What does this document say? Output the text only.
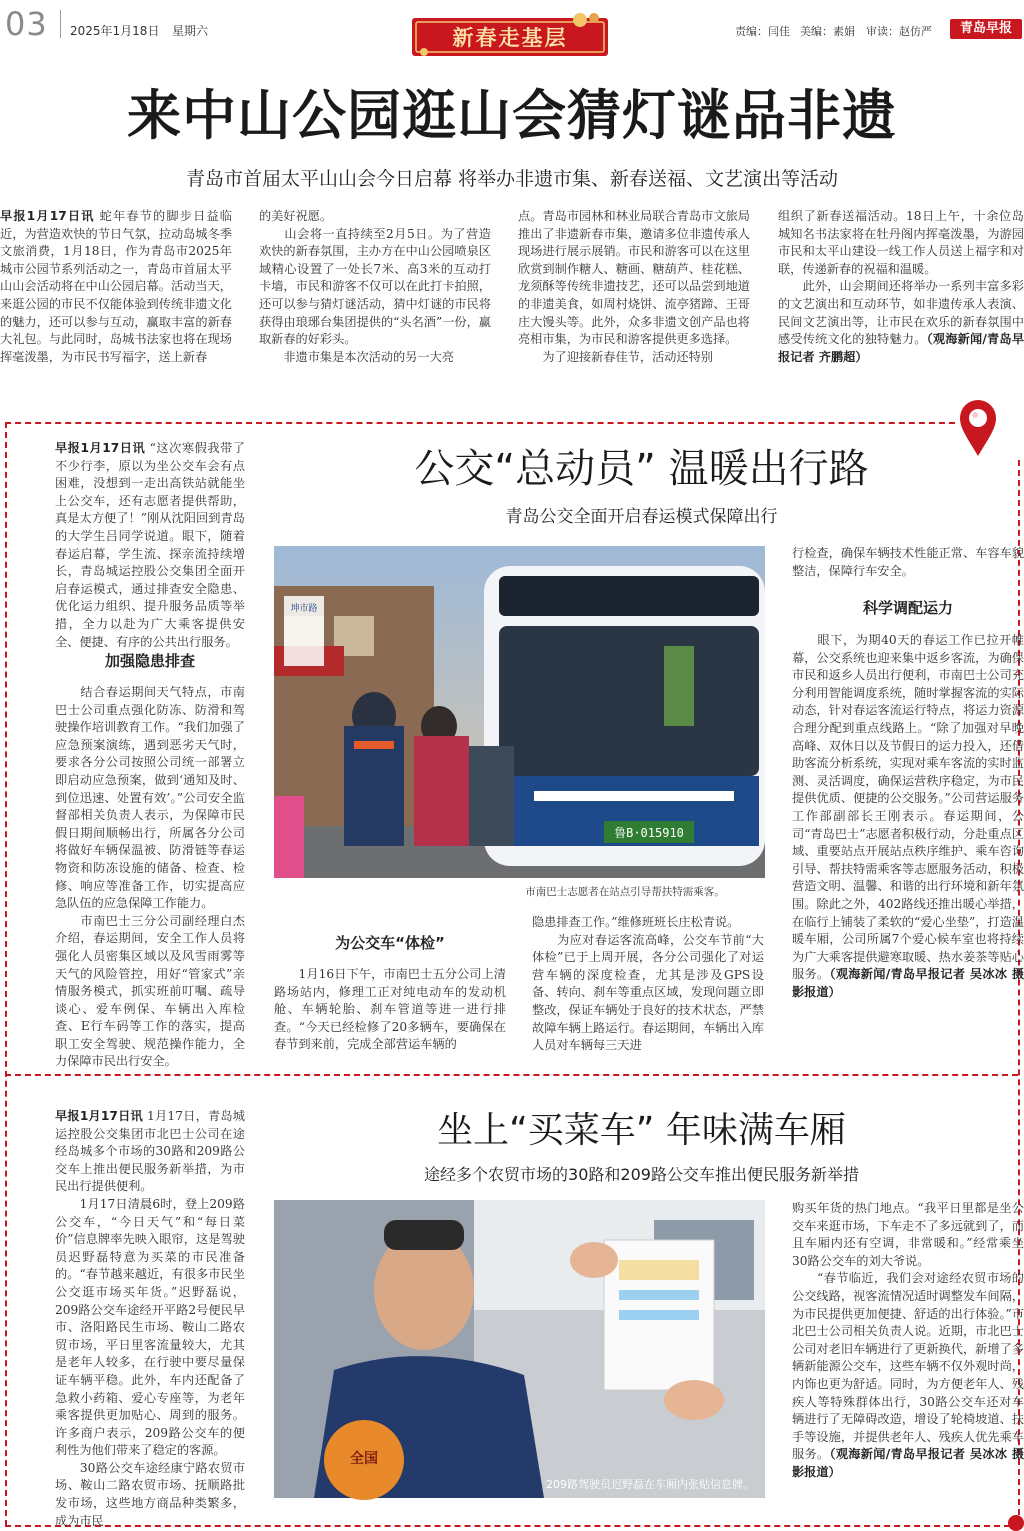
03 2025年1月18日 星期六	新春走基层	责编：闫佳 美编：素娟 审读：赵仿严	青岛早报
来中山公园逛山会猜灯谜品非遗
青岛市首届太平山山会今日启幕 将举办非遗市集、新春送福、文艺演出等活动
早报1月17日讯 蛇年春节的脚步日益临近，为营造欢快的节日气氛，拉动岛城冬季文旅消费，1月18日，作为青岛市2025年城市公园节系列活动之一，青岛市首届太平山山会活动将在中山公园启幕。活动当天，来逛公园的市民不仅能体验到传统非遗文化的魅力，还可以参与互动，赢取丰富的新春大礼包。与此同时，岛城书法家也将在现场挥毫泼墨，为市民书写福字，送上新春
的美好祝愿。
　　山会将一直持续至2月5日。为了营造欢快的新春氛围，主办方在中山公园喷泉区域精心设置了一处长7米、高3米的互动打卡墙，市民和游客不仅可以在此打卡拍照，还可以参与猜灯谜活动，猜中灯谜的市民将获得由琅琊台集团提供的“头名酒”一份，赢取新春的好彩头。
　　非遗市集是本次活动的另一大亮
点。青岛市园林和林业局联合青岛市文旅局推出了非遗新春市集，邀请多位非遗传承人现场进行展示展销。市民和游客可以在这里欣赏到制作糖人、糖画、糖葫芦、桂花糕、龙须酥等传统非遗技艺，还可以品尝到地道的非遗美食，如周村烧饼、流亭猪蹄、王哥庄大馒头等。此外，众多非遗文创产品也将亮相市集，为市民和游客提供更多选择。
　　为了迎接新春佳节，活动还特别
组织了新春送福活动。18日上午，十余位岛城知名书法家将在牡丹阁内挥毫泼墨，为游园市民和太平山建设一线工作人员送上福字和对联，传递新春的祝福和温暖。
　　此外，山会期间还将举办一系列丰富多彩的文艺演出和互动环节，如非遗传承人表演、民间文艺演出等，让市民在欢乐的新春氛围中感受传统文化的独特魅力。（观海新闻/青岛早报记者 齐鹏超）
公交“总动员” 温暖出行路
青岛公交全面开启春运模式保障出行
早报1月17日讯 “这次寒假我带了不少行李，原以为坐公交车会有点困难，没想到一走出高铁站就能坐上公交车，还有志愿者提供帮助，真是太方便了！”刚从沈阳回到青岛的大学生吕同学说道。眼下，随着春运启幕，学生流、探亲流持续增长，青岛城运控股公交集团全面开启春运模式，通过排查安全隐患、优化运力组织、提升服务品质等举措，全力以赴为广大乘客提供安全、便捷、有序的公共出行服务。
加强隐患排查
　　结合春运期间天气特点，市南巴士公司重点强化防冻、防滑和驾驶操作培训教育工作。“我们加强了应急预案演练，遇到恶劣天气时，要求各分公司按照公司统一部署立即启动应急预案，做到‘通知及时、到位迅速、处置有效’。”公司安全监督部相关负责人表示，为保障市民假日期间顺畅出行，所属各分公司将做好车辆保温被、防滑链等春运物资和防冻设施的储备、检查、检修、响应等准备工作，切实提高应急队伍的应急保障工作能力。
　　市南巴士三分公司副经理白杰介绍，春运期间，安全工作人员将强化人员密集区域以及风雪雨雾等天气的风险管控，用好“管家式”亲情服务模式，抓实班前叮嘱、疏导谈心、爱车例保、车辆出入库检查、E行车码等工作的落实，提高职工安全驾驶、规范操作能力，全力保障市民出行安全。
坤市路
鲁B·015910
市南巴士志愿者在站点引导帮扶特需乘客。
为公交车“体检”
　　1月16日下午，市南巴士五分公司上清路场站内，修理工正对纯电动车的发动机舱、车辆轮胎、刹车管道等进一进行排查。“今天已经检修了20多辆车，要确保在春节到来前，完成全部营运车辆的
隐患排查工作。”维修班班长庄松青说。
　　为应对春运客流高峰，公交车节前“大体检”已于上周开展，各分公司强化了对运营车辆的深度检查，尤其是涉及GPS设备、转向、刹车等重点区域，发现问题立即整改，保证车辆处于良好的技术状态，严禁故障车辆上路运行。春运期间，车辆出入库人员对车辆每三天进
行检查，确保车辆技术性能正常、车容车貌整洁，保障行车安全。
科学调配运力
　　眼下，为期40天的春运工作已拉开帷幕，公交系统也迎来集中返乡客流，为确保市民和返乡人员出行便利，市南巴士公司充分利用智能调度系统，随时掌握客流的实际动态，针对春运客流运行特点，将运力资源合理分配到重点线路上。“除了加强对早晚高峰、双休日以及节假日的运力投入，还借助客流分析系统，实现对乘车客流的实时监测、灵活调度，确保运营秩序稳定，为市民提供优质、便捷的公交服务。”公司营运服务工作部副部长王刚表示。春运期间，公司“青岛巴士”志愿者积极行动，分赴重点区域、重要站点开展站点秩序维护、乘车咨询引导、帮扶特需乘客等志愿服务活动，积极营造文明、温馨、和谐的出行环境和新年氛围。除此之外，402路线还推出暖心举措，在临行上铺装了柔软的“爱心坐垫”，打造温暖车厢，公司所属7个爱心候车室也将持续为广大乘客提供避寒取暖、热水姜茶等贴心服务。（观海新闻/青岛早报记者 吴冰冰 摄影报道）
坐上“买菜车” 年味满车厢
途经多个农贸市场的30路和209路公交车推出便民服务新举措
早报1月17日讯 1月17日，青岛城运控股公交集团市北巴士公司在途经岛城多个市场的30路和209路公交车上推出便民服务新举措，为市民出行提供便利。
　　1月17日清晨6时，登上209路公交车，“今日天气”和“每日菜价”信息牌率先映入眼帘，这是驾驶员迟野磊特意为买菜的市民准备的。“春节越来越近，有很多市民坐公交逛市场买年货。”迟野磊说，209路公交车途经开平路2号便民早市、洛阳路民生市场、鞍山二路农贸市场，平日里客流量较大，尤其是老年人较多，在行驶中要尽量保证车辆平稳。此外，车内还配备了急救小药箱、爱心专座等，为老年乘客提供更加贴心、周到的服务。许多商户表示，209路公交车的便利性为他们带来了稳定的客源。
　　30路公交车途经康宁路农贸市场、鞍山二路农贸市场、抚顺路批发市场，这些地方商品种类繁多，成为市民
全国
209路驾驶员迟野磊在车厢内张贴信息牌。
购买年货的热门地点。“我平日里都是坐公交车来逛市场，下车走不了多远就到了，而且车厢内还有空调，非常暖和。”经常乘坐30路公交车的刘大爷说。
　　“春节临近，我们会对途经农贸市场的公交线路，视客流情况适时调整发车间隔，为市民提供更加便捷、舒适的出行体验。”市北巴士公司相关负责人说。近期，市北巴士公司对老旧车辆进行了更新换代，新增了多辆新能源公交车，这些车辆不仅外观时尚，内饰也更为舒适。同时，为方便老年人、残疾人等特殊群体出行，30路公交车还对车辆进行了无障碍改造，增设了轮椅坡道、扶手等设施，并提供老年人、残疾人优先乘车服务。（观海新闻/青岛早报记者 吴冰冰 摄影报道）
